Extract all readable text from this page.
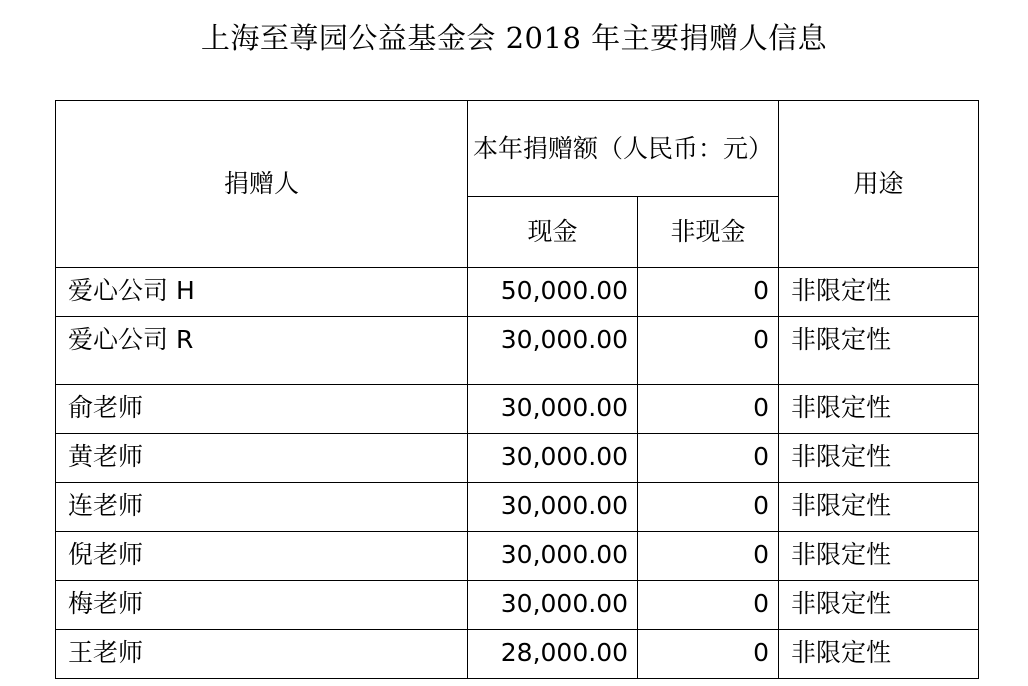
上海至尊园公益基金会 2018 年主要捐赠人信息
捐赠人	本年捐赠额（人民币：元）		用途
	现金	非现金	
爱心公司 H	50,000.00	0	非限定性
爱心公司 R	30,000.00	0	非限定性
俞老师	30,000.00	0	非限定性
黄老师	30,000.00	0	非限定性
连老师	30,000.00	0	非限定性
倪老师	30,000.00	0	非限定性
梅老师	30,000.00	0	非限定性
王老师	28,000.00	0	非限定性
